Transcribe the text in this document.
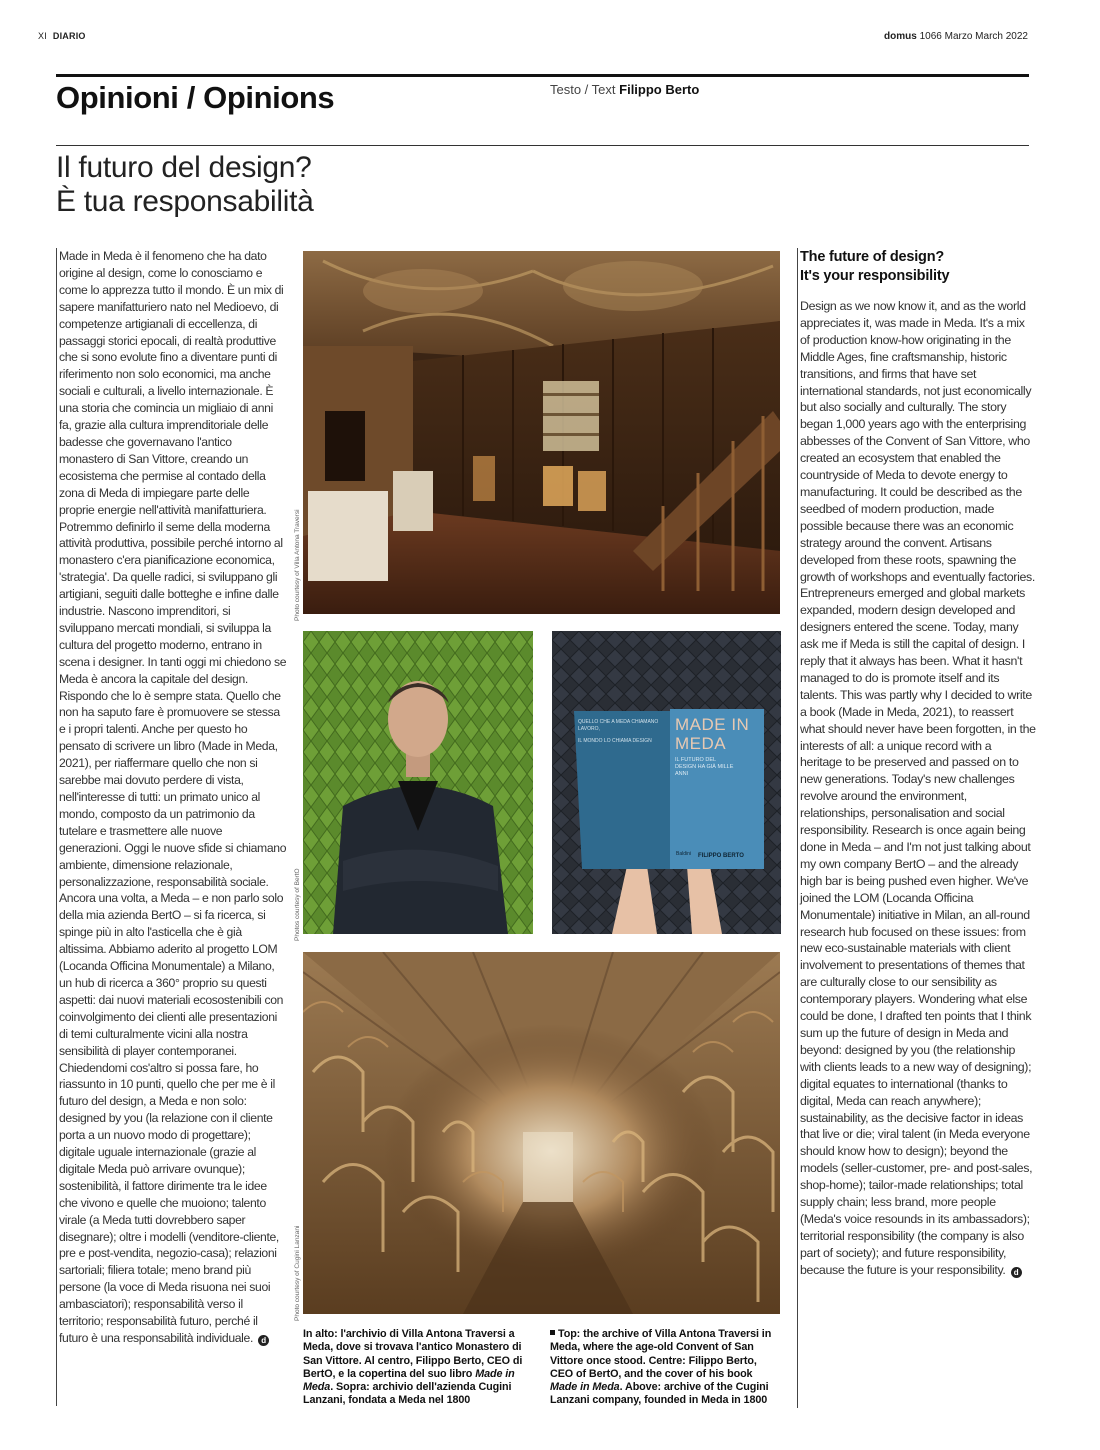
XI DIARIO	domus 1066 Marzo March 2022
Opinioni / Opinions	Testo / Text Filippo Berto
Il futuro del design?
È tua responsabilità

Made in Meda è il fenomeno che ha dato origine al design, come lo conosciamo e come lo apprezza tutto il mondo. È un mix di sapere manifatturiero nato nel Medioevo, di competenze artigianali di eccellenza, di passaggi storici epocali, di realtà produttive che si sono evolute fino a diventare punti di riferimento non solo economici, ma anche sociali e culturali, a livello internazionale. È una storia che comincia un migliaio di anni fa, grazie alla cultura imprenditoriale delle badesse che governavano l'antico monastero di San Vittore, creando un ecosistema che permise al contado della zona di Meda di impiegare parte delle proprie energie nell'attività manifatturiera. Potremmo definirlo il seme della moderna attività produttiva, possibile perché intorno al monastero c'era pianificazione economica, 'strategia'. Da quelle radici, si sviluppano gli artigiani, seguiti dalle botteghe e infine dalle industrie. Nascono imprenditori, si sviluppano mercati mondiali, si sviluppa la cultura del progetto moderno, entrano in scena i designer. In tanti oggi mi chiedono se Meda è ancora la capitale del design. Rispondo che lo è sempre stata. Quello che non ha saputo fare è promuovere se stessa e i propri talenti. Anche per questo ho pensato di scrivere un libro (Made in Meda, 2021), per riaffermare quello che non si sarebbe mai dovuto perdere di vista, nell'interesse di tutti: un primato unico al mondo, composto da un patrimonio da tutelare e trasmettere alle nuove generazioni. Oggi le nuove sfide si chiamano ambiente, dimensione relazionale, personalizzazione, responsabilità sociale. Ancora una volta, a Meda – e non parlo solo della mia azienda BertO – si fa ricerca, si spinge più in alto l'asticella che è già altissima. Abbiamo aderito al progetto LOM (Locanda Officina Monumentale) a Milano, un hub di ricerca a 360° proprio su questi aspetti: dai nuovi materiali ecosostenibili con coinvolgimento dei clienti alle presentazioni di temi culturalmente vicini alla nostra sensibilità di player contemporanei. Chiedendomi cos'altro si possa fare, ho riassunto in 10 punti, quello che per me è il futuro del design, a Meda e non solo: designed by you (la relazione con il cliente porta a un nuovo modo di progettare); digitale uguale internazionale (grazie al digitale Meda può arrivare ovunque); sostenibilità, il fattore dirimente tra le idee che vivono e quelle che muoiono; talento virale (a Meda tutti dovrebbero saper disegnare); oltre i modelli (venditore-cliente, pre e post-vendita, negozio-casa); relazioni sartoriali; filiera totale; meno brand più persone (la voce di Meda risuona nei suoi ambasciatori); responsabilità verso il territorio; responsabilità futuro, perché il futuro è una responsabilità individuale. d

The future of design?
It's your responsibility

Design as we now know it, and as the world appreciates it, was made in Meda. It's a mix of production know-how originating in the Middle Ages, fine craftsmanship, historic transitions, and firms that have set international standards, not just economically but also socially and culturally. The story began 1,000 years ago with the enterprising abbesses of the Convent of San Vittore, who created an ecosystem that enabled the countryside of Meda to devote energy to manufacturing. It could be described as the seedbed of modern production, made possible because there was an economic strategy around the convent. Artisans developed from these roots, spawning the growth of workshops and eventually factories. Entrepreneurs emerged and global markets expanded, modern design developed and designers entered the scene. Today, many ask me if Meda is still the capital of design. I reply that it always has been. What it hasn't managed to do is promote itself and its talents. This was partly why I decided to write a book (Made in Meda, 2021), to reassert what should never have been forgotten, in the interests of all: a unique record with a heritage to be preserved and passed on to new generations. Today's new challenges revolve around the environment, relationships, personalisation and social responsibility. Research is once again being done in Meda – and I'm not just talking about my own company BertO – and the already high bar is being pushed even higher. We've joined the LOM (Locanda Officina Monumentale) initiative in Milan, an all-round research hub focused on these issues: from new eco-sustainable materials with client involvement to presentations of themes that are culturally close to our sensibility as contemporary players. Wondering what else could be done, I drafted ten points that I think sum up the future of design in Meda and beyond: designed by you (the relationship with clients leads to a new way of designing); digital equates to international (thanks to digital, Meda can reach anywhere); sustainability, as the decisive factor in ideas that live or die; viral talent (in Meda everyone should know how to design); beyond the models (seller-customer, pre- and post-sales, shop-home); tailor-made relationships; total supply chain; less brand, more people (Meda's voice resounds in its ambassadors); territorial responsibility (the company is also part of society); and future responsibility, because the future is your responsibility. d

Photo courtesy of Villa Antona Traversi
Photos courtesy of BertO
MADE IN MEDA
IL FUTURO DEL DESIGN HA GIÀ MILLE ANNI
FILIPPO BERTO
QUELLO CHE A MEDA CHIAMANO LAVORO,
IL MONDO LO CHIAMA DESIGN
Baldini
Photo courtesy of Cugini Lanzani
In alto: l'archivio di Villa Antona Traversi a Meda, dove si trovava l'antico Monastero di San Vittore. Al centro, Filippo Berto, CEO di BertO, e la copertina del suo libro Made in Meda. Sopra: archivio dell'azienda Cugini Lanzani, fondata a Meda nel 1800
Top: the archive of Villa Antona Traversi in Meda, where the age-old Convent of San Vittore once stood. Centre: Filippo Berto, CEO of BertO, and the cover of his book Made in Meda. Above: archive of the Cugini Lanzani company, founded in Meda in 1800
